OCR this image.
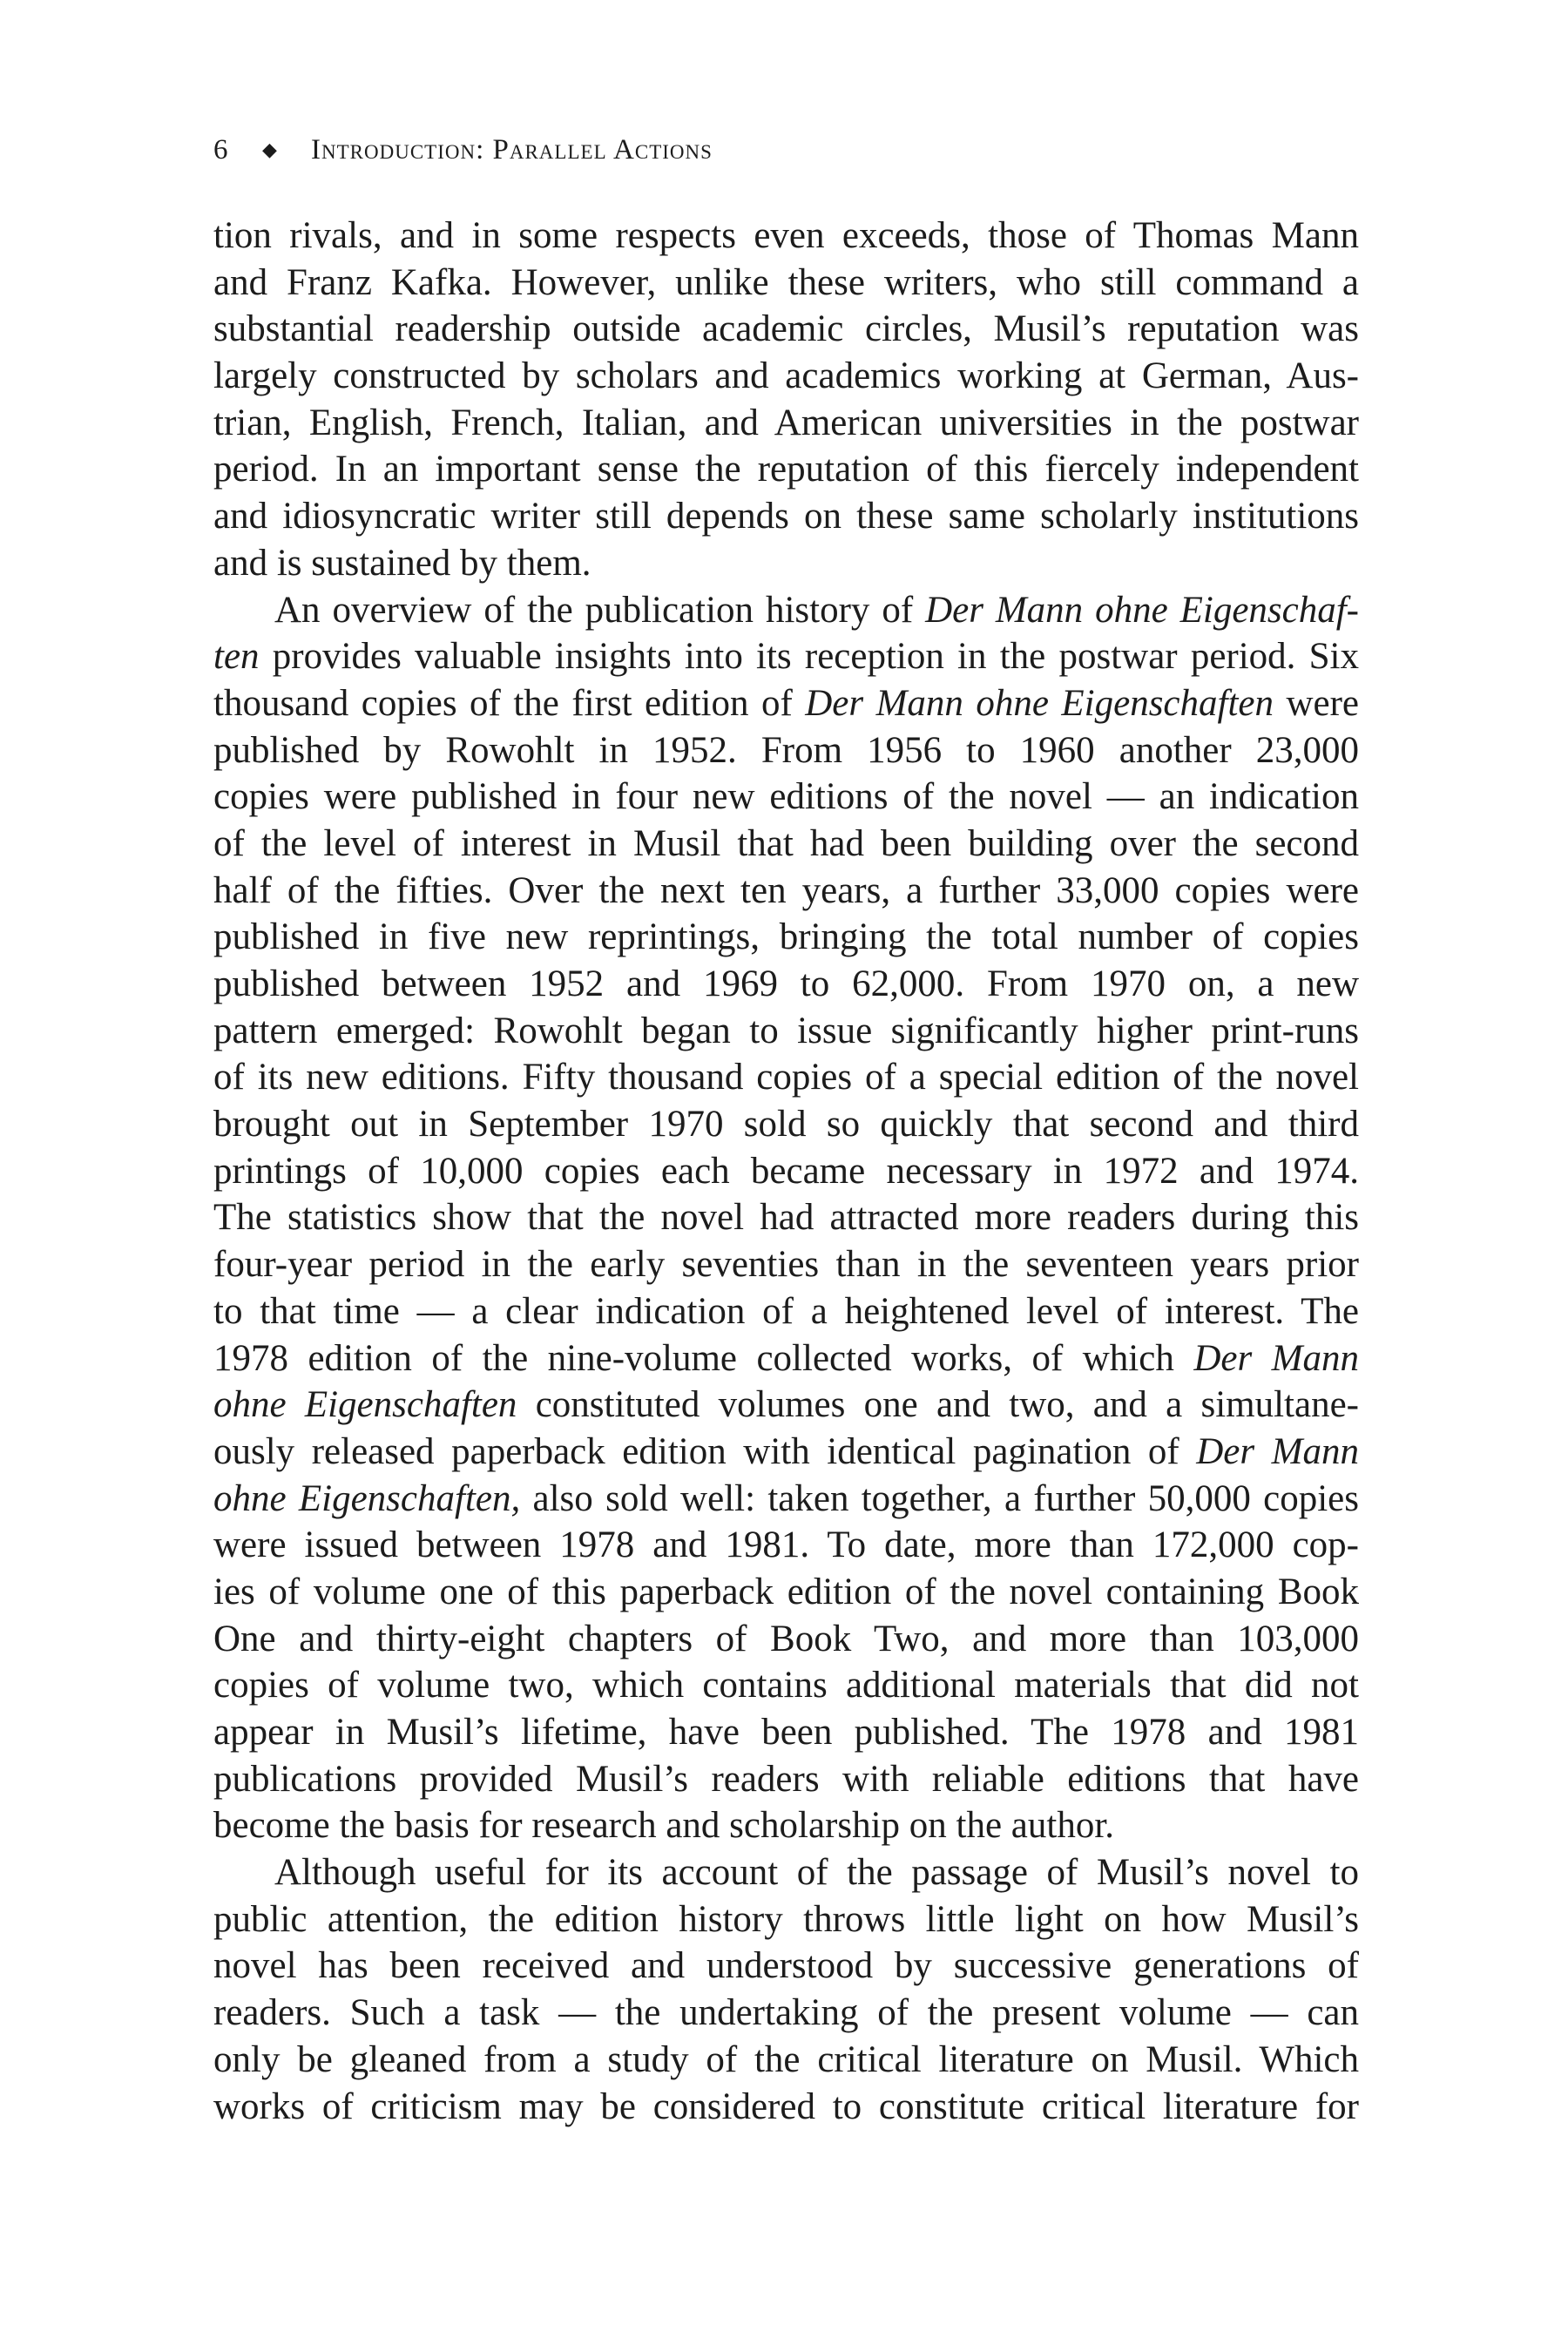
6	◆	Introduction: Parallel Actions
tion rivals, and in some respects even exceeds, those of Thomas Mann
and Franz Kafka. However, unlike these writers, who still command a
substantial readership outside academic circles, Musil’s reputation was
largely constructed by scholars and academics working at German, Aus-
trian, English, French, Italian, and American universities in the postwar
period. In an important sense the reputation of this fiercely independent
and idiosyncratic writer still depends on these same scholarly institutions
and is sustained by them.
An overview of the publication history of Der Mann ohne Eigenschaf-
ten provides valuable insights into its reception in the postwar period. Six
thousand copies of the first edition of Der Mann ohne Eigenschaften were
published by Rowohlt in 1952. From 1956 to 1960 another 23,000
copies were published in four new editions of the novel — an indication
of the level of interest in Musil that had been building over the second
half of the fifties. Over the next ten years, a further 33,000 copies were
published in five new reprintings, bringing the total number of copies
published between 1952 and 1969 to 62,000. From 1970 on, a new
pattern emerged: Rowohlt began to issue significantly higher print-runs
of its new editions. Fifty thousand copies of a special edition of the novel
brought out in September 1970 sold so quickly that second and third
printings of 10,000 copies each became necessary in 1972 and 1974.
The statistics show that the novel had attracted more readers during this
four-year period in the early seventies than in the seventeen years prior
to that time — a clear indication of a heightened level of interest. The
1978 edition of the nine-volume collected works, of which Der Mann
ohne Eigenschaften constituted volumes one and two, and a simultane-
ously released paperback edition with identical pagination of Der Mann
ohne Eigenschaften, also sold well: taken together, a further 50,000 copies
were issued between 1978 and 1981. To date, more than 172,000 cop-
ies of volume one of this paperback edition of the novel containing Book
One and thirty-eight chapters of Book Two, and more than 103,000
copies of volume two, which contains additional materials that did not
appear in Musil’s lifetime, have been published. The 1978 and 1981
publications provided Musil’s readers with reliable editions that have
become the basis for research and scholarship on the author.
Although useful for its account of the passage of Musil’s novel to
public attention, the edition history throws little light on how Musil’s
novel has been received and understood by successive generations of
readers. Such a task — the undertaking of the present volume — can
only be gleaned from a study of the critical literature on Musil. Which
works of criticism may be considered to constitute critical literature for
